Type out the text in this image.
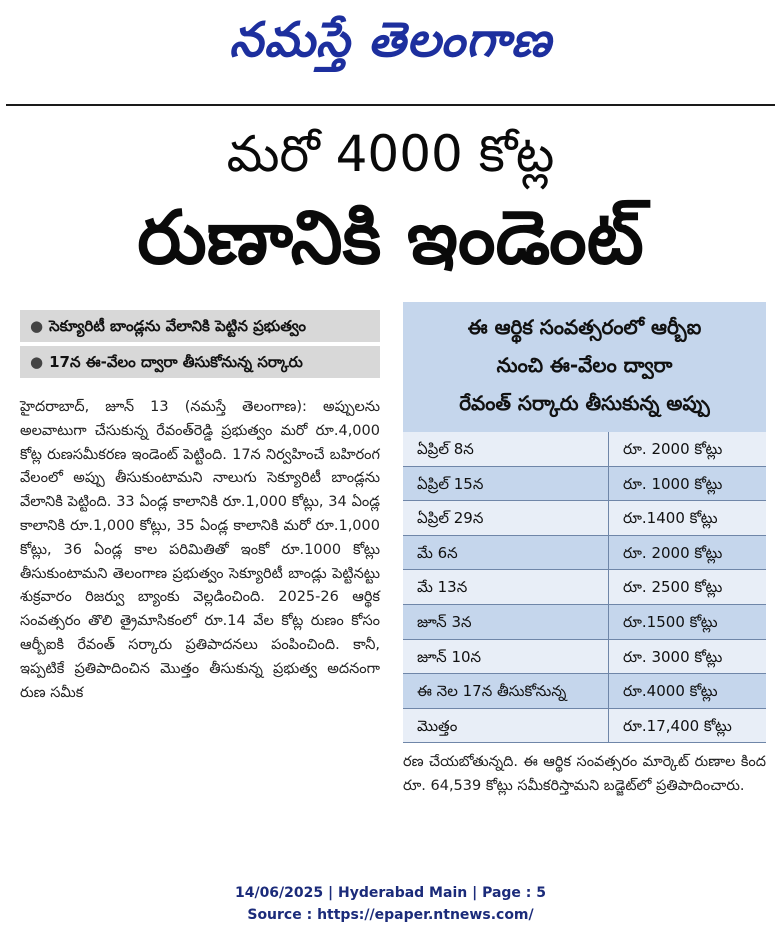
నమస్తే తెలంగాణ
మరో 4000 కోట్ల
రుణానికి ఇండెంట్
● సెక్యూరిటీ బాండ్లను వేలానికి పెట్టిన ప్రభుత్వం
● 17న ఈ-వేలం ద్వారా తీసుకోనున్న సర్కారు
హైదరాబాద్, జూన్ 13 (నమస్తే తెలంగాణ): అప్పులను అలవాటుగా చేసుకున్న రేవంత్‌రెడ్డి ప్రభుత్వం మరో రూ.4,000 కోట్ల రుణసమీకరణ ఇండెంట్ పెట్టింది. 17న నిర్వహించే బహిరంగ వేలంలో అప్పు తీసుకుంటామని నాలుగు సెక్యూరిటీ బాండ్లను వేలానికి పెట్టింది. 33 ఏండ్ల కాలానికి రూ.1,000 కోట్లు, 34 ఏండ్ల కాలానికి రూ.1,000 కోట్లు, 35 ఏండ్ల కాలానికి మరో రూ.1,000 కోట్లు, 36 ఏండ్ల కాల పరిమితితో ఇంకో రూ.1000 కోట్లు తీసుకుంటామని తెలంగాణ ప్రభుత్వం సెక్యూరిటీ బాండ్లు పెట్టినట్టు శుక్రవారం రిజర్వు బ్యాంకు వెల్లడించింది. 2025-26 ఆర్థిక సంవత్సరం తొలి త్రైమాసికంలో రూ.14 వేల కోట్ల రుణం కోసం ఆర్బీఐకి రేవంత్ సర్కారు ప్రతిపాదనలు పంపించింది. కానీ, ఇప్పటికే ప్రతిపాదించిన మొత్తం తీసుకున్న ప్రభుత్వ అదనంగా రుణ సమీక
ఈ ఆర్థిక సంవత్సరంలో ఆర్బీఐ
నుంచి ఈ-వేలం ద్వారా
రేవంత్ సర్కారు తీసుకున్న అప్పు
ఏప్రిల్ 8న	రూ. 2000 కోట్లు
ఏప్రిల్ 15న	రూ. 1000 కోట్లు
ఏప్రిల్ 29న	రూ.1400 కోట్లు
మే 6న	రూ. 2000 కోట్లు
మే 13న	రూ. 2500 కోట్లు
జూన్ 3న	రూ.1500 కోట్లు
జూన్ 10న	రూ. 3000 కోట్లు
ఈ నెల 17న తీసుకోనున్న	రూ.4000 కోట్లు
మొత్తం	రూ.17,400 కోట్లు
రణ చేయబోతున్నది. ఈ ఆర్థిక సంవత్సరం మార్కెట్ రుణాల కింద రూ. 64,539 కోట్లు సమీకరిస్తామని బడ్జెట్‌లో ప్రతిపాదించారు.
14/06/2025 | Hyderabad Main | Page : 5
Source : https://epaper.ntnews.com/
